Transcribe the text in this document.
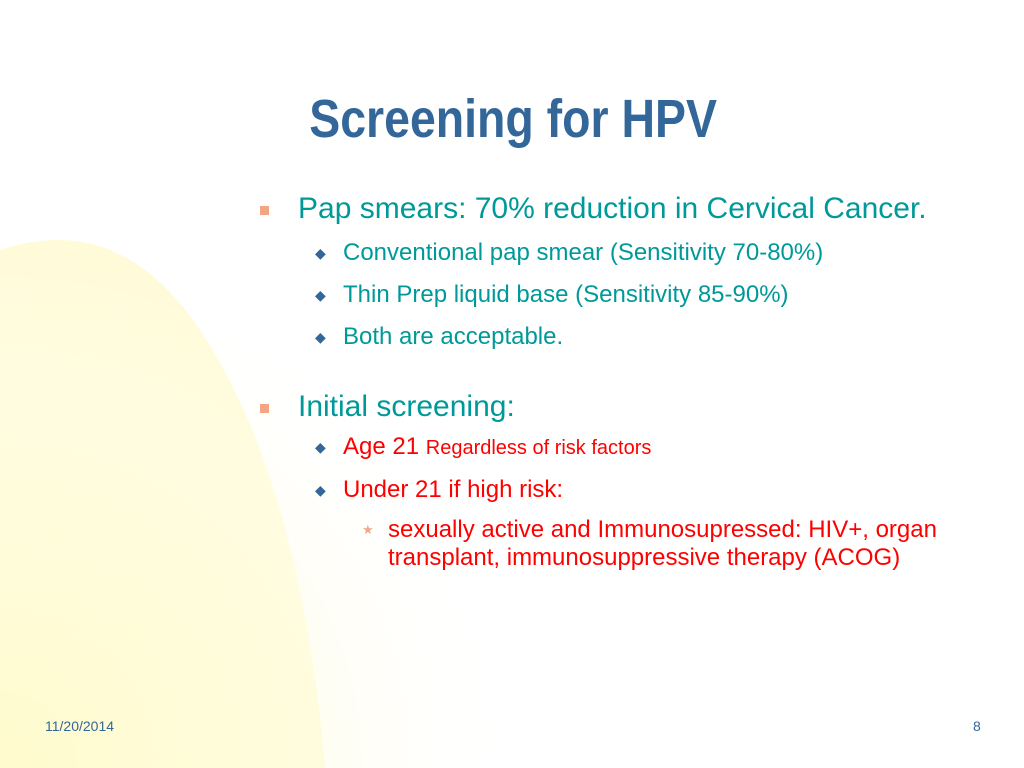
Screening for HPV
Pap smears: 70% reduction in Cervical Cancer.
◆ Conventional pap smear (Sensitivity 70-80%)
◆ Thin Prep liquid base (Sensitivity 85-90%)
◆ Both are acceptable.
Initial screening:
◆ Age 21 Regardless of risk factors
◆ Under 21 if high risk:
★ sexually active and Immunosupressed: HIV+, organ transplant, immunosuppressive therapy (ACOG)
11/20/2014	8
